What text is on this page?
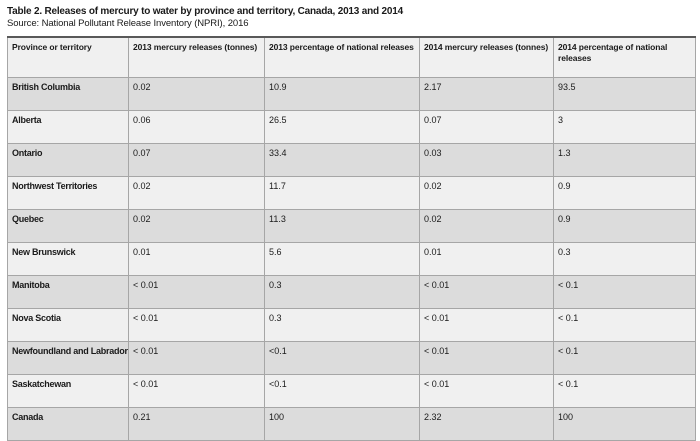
Table 2. Releases of mercury to water by province and territory, Canada, 2013 and 2014
Source: National Pollutant Release Inventory (NPRI), 2016
Province or territory	2013 mercury releases (tonnes)	2013 percentage of national releases	2014 mercury releases (tonnes)	2014 percentage of national releases
British Columbia	0.02	10.9	2.17	93.5
Alberta	0.06	26.5	0.07	3
Ontario	0.07	33.4	0.03	1.3
Northwest Territories	0.02	11.7	0.02	0.9
Quebec	0.02	11.3	0.02	0.9
New Brunswick	0.01	5.6	0.01	0.3
Manitoba	< 0.01	0.3	< 0.01	< 0.1
Nova Scotia	< 0.01	0.3	< 0.01	< 0.1
Newfoundland and Labrador	< 0.01	<0.1	< 0.01	< 0.1
Saskatchewan	< 0.01	<0.1	< 0.01	< 0.1
Canada	0.21	100	2.32	100
